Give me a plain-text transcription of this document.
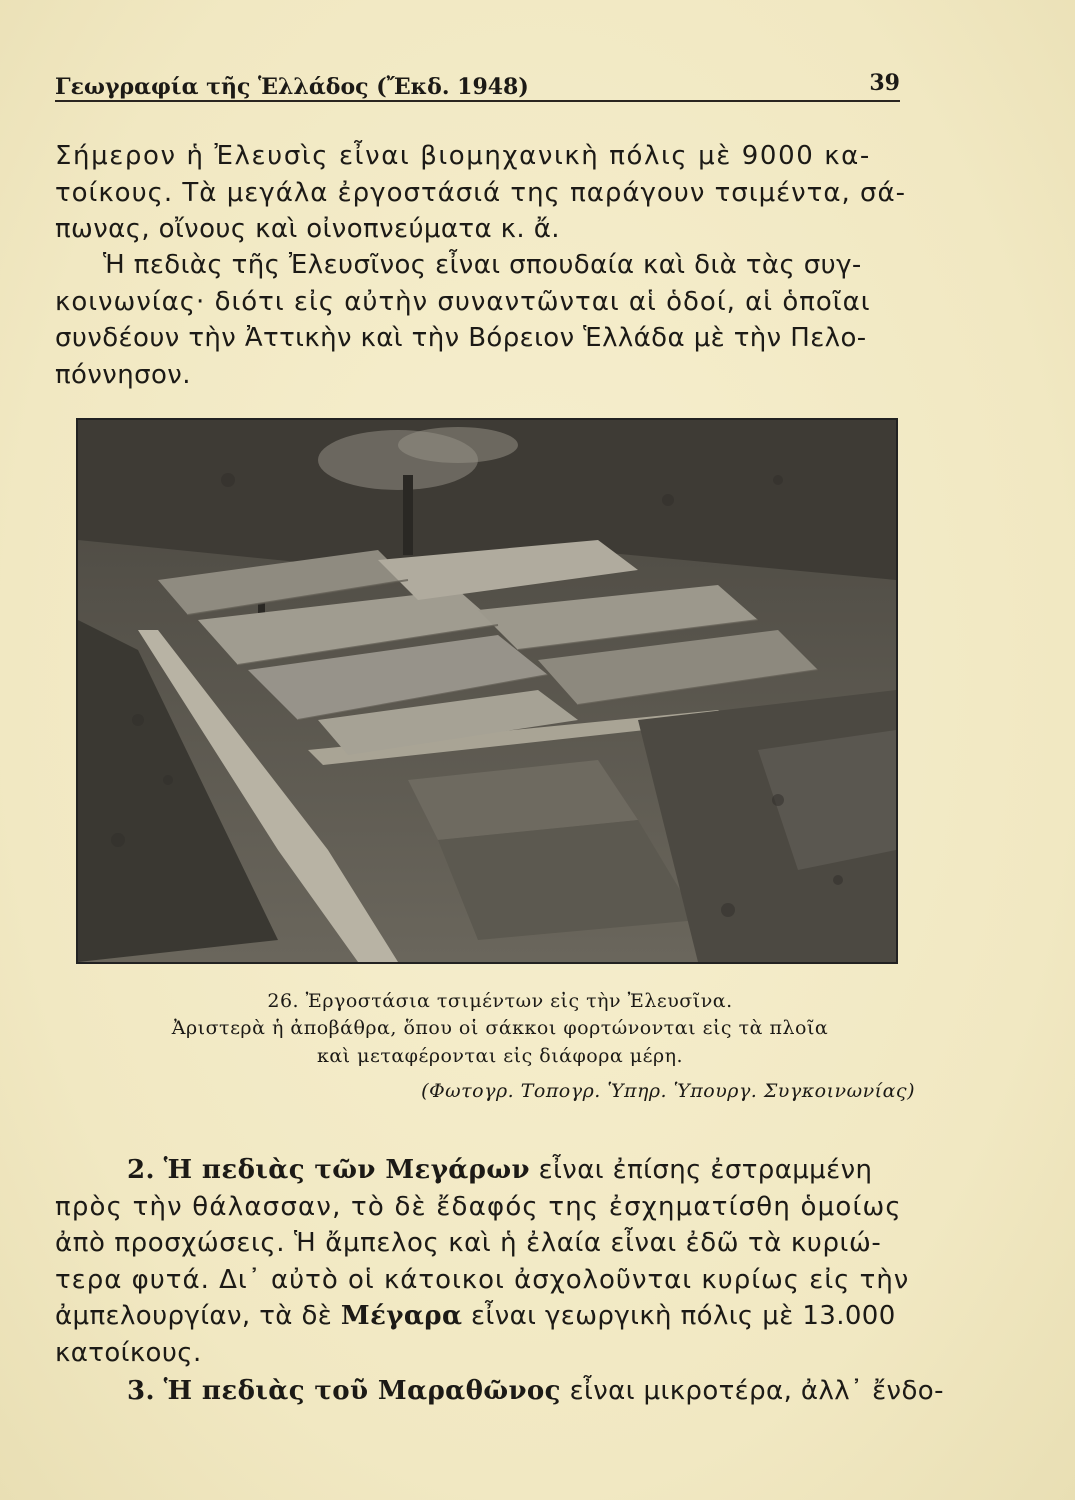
Γεωγραφία τῆς Ἑλλάδος (Ἔκδ. 1948)	39

Σήμερον ἡ Ἐλευσὶς εἶναι βιομηχανικὴ πόλις μὲ 9000 κα-
τοίκους. Τὰ μεγάλα ἐργοστάσιά της παράγουν τσιμέντα, σά-
πωνας, οἴνους καὶ οἰνοπνεύματα κ. ἄ.

Ἡ πεδιὰς τῆς Ἐλευσῖνος εἶναι σπουδαία καὶ διὰ τὰς συγ-
κοινωνίας· διότι εἰς αὐτὴν συναντῶνται αἱ ὁδοί, αἱ ὁποῖαι
συνδέουν τὴν Ἀττικὴν καὶ τὴν Βόρειον Ἑλλάδα μὲ τὴν Πελο-
πόννησον.

26. Ἐργοστάσια τσιμέντων εἰς τὴν Ἐλευσῖνα.
Ἀριστερὰ ἡ ἀποβάθρα, ὅπου οἱ σάκκοι φορτώνονται εἰς τὰ πλοῖα
καὶ μεταφέρονται εἰς διάφορα μέρη.
(Φωτογρ. Τοπογρ. Ὑπηρ. Ὑπουργ. Συγκοινωνίας)

2. Ἡ πεδιὰς τῶν Μεγάρων εἶναι ἐπίσης ἐστραμμένη
πρὸς τὴν θάλασσαν, τὸ δὲ ἔδαφός της ἐσχηματίσθη ὁμοίως
ἀπὸ προσχώσεις. Ἡ ἄμπελος καὶ ἡ ἐλαία εἶναι ἐδῶ τὰ κυριώ-
τερα φυτά. Δι᾿ αὐτὸ οἱ κάτοικοι ἀσχολοῦνται κυρίως εἰς τὴν
ἀμπελουργίαν, τὰ δὲ Μέγαρα εἶναι γεωργικὴ πόλις μὲ 13.000
κατοίκους.

3. Ἡ πεδιὰς τοῦ Μαραθῶνος εἶναι μικροτέρα, ἀλλ᾿ ἔνδο-
